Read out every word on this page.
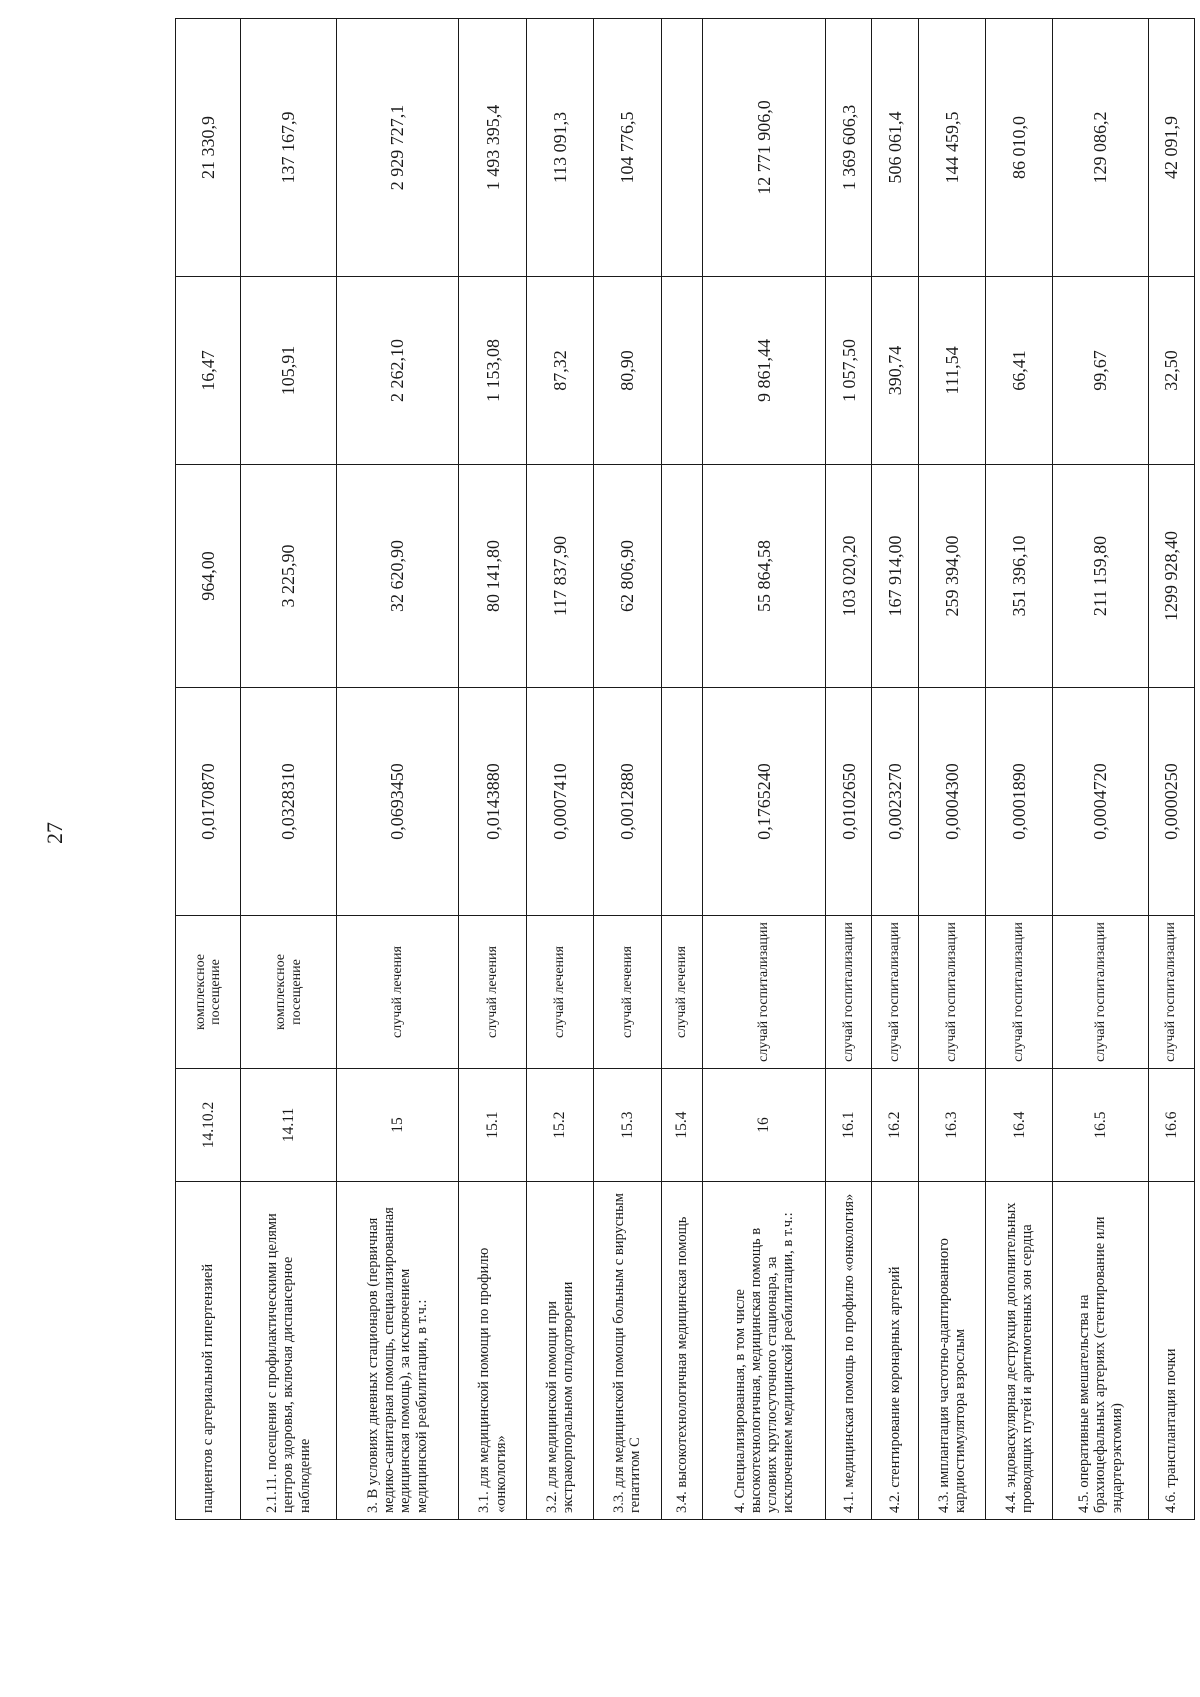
27
пациентов с артериальной гипертензией	14.10.2	комплексное посещение	0,0170870	964,00	16,47	21 330,9
2.1.11. посещения с профилактическими целями центров здоровья, включая диспансерное наблюдение	14.11	комплексное посещение	0,0328310	3 225,90	105,91	137 167,9
3. В условиях дневных стационаров (первичная медико-санитарная помощь, специализированная медицинская помощь), за исключением медицинской реабилитации, в т.ч.:	15	случай лечения	0,0693450	32 620,90	2 262,10	2 929 727,1
3.1. для медицинской помощи по профилю «онкология»	15.1	случай лечения	0,0143880	80 141,80	1 153,08	1 493 395,4
3.2. для медицинской помощи при экстракорпоральном оплодотворении	15.2	случай лечения	0,0007410	117 837,90	87,32	113 091,3
3.3. для медицинской помощи больным с вирусным гепатитом С	15.3	случай лечения	0,0012880	62 806,90	80,90	104 776,5
3.4. высокотехнологичная медицинская помощь	15.4	случай лечения				
4. Специализированная, в том числе высокотехнологичная, медицинская помощь в условиях круглосуточного стационара, за исключением медицинской реабилитации, в т.ч.:	16	случай госпитализации	0,1765240	55 864,58	9 861,44	12 771 906,0
4.1. медицинская помощь по профилю «онкология»	16.1	случай госпитализации	0,0102650	103 020,20	1 057,50	1 369 606,3
4.2. стентирование коронарных артерий	16.2	случай госпитализации	0,0023270	167 914,00	390,74	506 061,4
4.3. имплантация частотно-адаптированного кардиостимулятора взрослым	16.3	случай госпитализации	0,0004300	259 394,00	111,54	144 459,5
4.4. эндоваскулярная деструкция дополнительных проводящих путей и аритмогенных зон сердца	16.4	случай госпитализации	0,0001890	351 396,10	66,41	86 010,0
4.5. оперативные вмешательства на брахиоцефальных артериях (стентирование или эндартерэктомия)	16.5	случай госпитализации	0,0004720	211 159,80	99,67	129 086,2
4.6. трансплантация почки	16.6	случай госпитализации	0,0000250	1299 928,40	32,50	42 091,9
